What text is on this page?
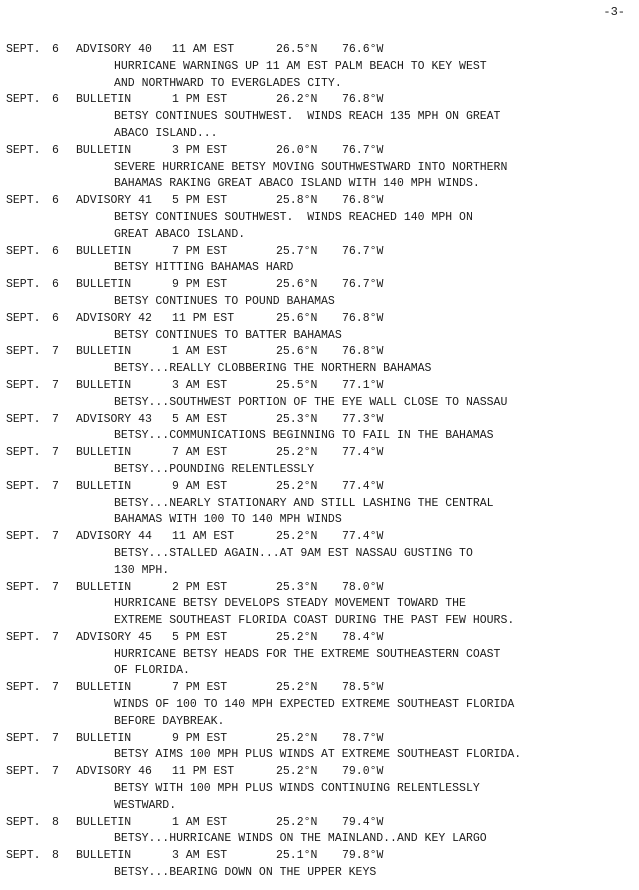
-3-
SEPT. 6	ADVISORY 40	11 AM EST	26.5°N	76.6°W
HURRICANE WARNINGS UP 11 AM EST PALM BEACH TO KEY WEST
AND NORTHWARD TO EVERGLADES CITY.
SEPT. 6	BULLETIN	1 PM EST	26.2°N	76.8°W
BETSY CONTINUES SOUTHWEST.  WINDS REACH 135 MPH ON GREAT
ABACO ISLAND...
SEPT. 6	BULLETIN	3 PM EST	26.0°N	76.7°W
SEVERE HURRICANE BETSY MOVING SOUTHWESTWARD INTO NORTHERN
BAHAMAS RAKING GREAT ABACO ISLAND WITH 140 MPH WINDS.
SEPT. 6	ADVISORY 41	5 PM EST	25.8°N	76.8°W
BETSY CONTINUES SOUTHWEST.  WINDS REACHED 140 MPH ON
GREAT ABACO ISLAND.
SEPT. 6	BULLETIN	7 PM EST	25.7°N	76.7°W
BETSY HITTING BAHAMAS HARD
SEPT. 6	BULLETIN	9 PM EST	25.6°N	76.7°W
BETSY CONTINUES TO POUND BAHAMAS
SEPT. 6	ADVISORY 42	11 PM EST	25.6°N	76.8°W
BETSY CONTINUES TO BATTER BAHAMAS
SEPT. 7	BULLETIN	1 AM EST	25.6°N	76.8°W
BETSY...REALLY CLOBBERING THE NORTHERN BAHAMAS
SEPT. 7	BULLETIN	3 AM EST	25.5°N	77.1°W
BETSY...SOUTHWEST PORTION OF THE EYE WALL CLOSE TO NASSAU
SEPT. 7	ADVISORY 43	5 AM EST	25.3°N	77.3°W
BETSY...COMMUNICATIONS BEGINNING TO FAIL IN THE BAHAMAS
SEPT. 7	BULLETIN	7 AM EST	25.2°N	77.4°W
BETSY...POUNDING RELENTLESSLY
SEPT. 7	BULLETIN	9 AM EST	25.2°N	77.4°W
BETSY...NEARLY STATIONARY AND STILL LASHING THE CENTRAL
BAHAMAS WITH 100 TO 140 MPH WINDS
SEPT. 7	ADVISORY 44	11 AM EST	25.2°N	77.4°W
BETSY...STALLED AGAIN...AT 9AM EST NASSAU GUSTING TO
130 MPH.
SEPT. 7	BULLETIN	2 PM EST	25.3°N	78.0°W
HURRICANE BETSY DEVELOPS STEADY MOVEMENT TOWARD THE
EXTREME SOUTHEAST FLORIDA COAST DURING THE PAST FEW HOURS.
SEPT. 7	ADVISORY 45	5 PM EST	25.2°N	78.4°W
HURRICANE BETSY HEADS FOR THE EXTREME SOUTHEASTERN COAST
OF FLORIDA.
SEPT. 7	BULLETIN	7 PM EST	25.2°N	78.5°W
WINDS OF 100 TO 140 MPH EXPECTED EXTREME SOUTHEAST FLORIDA
BEFORE DAYBREAK.
SEPT. 7	BULLETIN	9 PM EST	25.2°N	78.7°W
BETSY AIMS 100 MPH PLUS WINDS AT EXTREME SOUTHEAST FLORIDA.
SEPT. 7	ADVISORY 46	11 PM EST	25.2°N	79.0°W
BETSY WITH 100 MPH PLUS WINDS CONTINUING RELENTLESSLY
WESTWARD.
SEPT. 8	BULLETIN	1 AM EST	25.2°N	79.4°W
BETSY...HURRICANE WINDS ON THE MAINLAND..AND KEY LARGO
SEPT. 8	BULLETIN	3 AM EST	25.1°N	79.8°W
BETSY...BEARING DOWN ON THE UPPER KEYS
